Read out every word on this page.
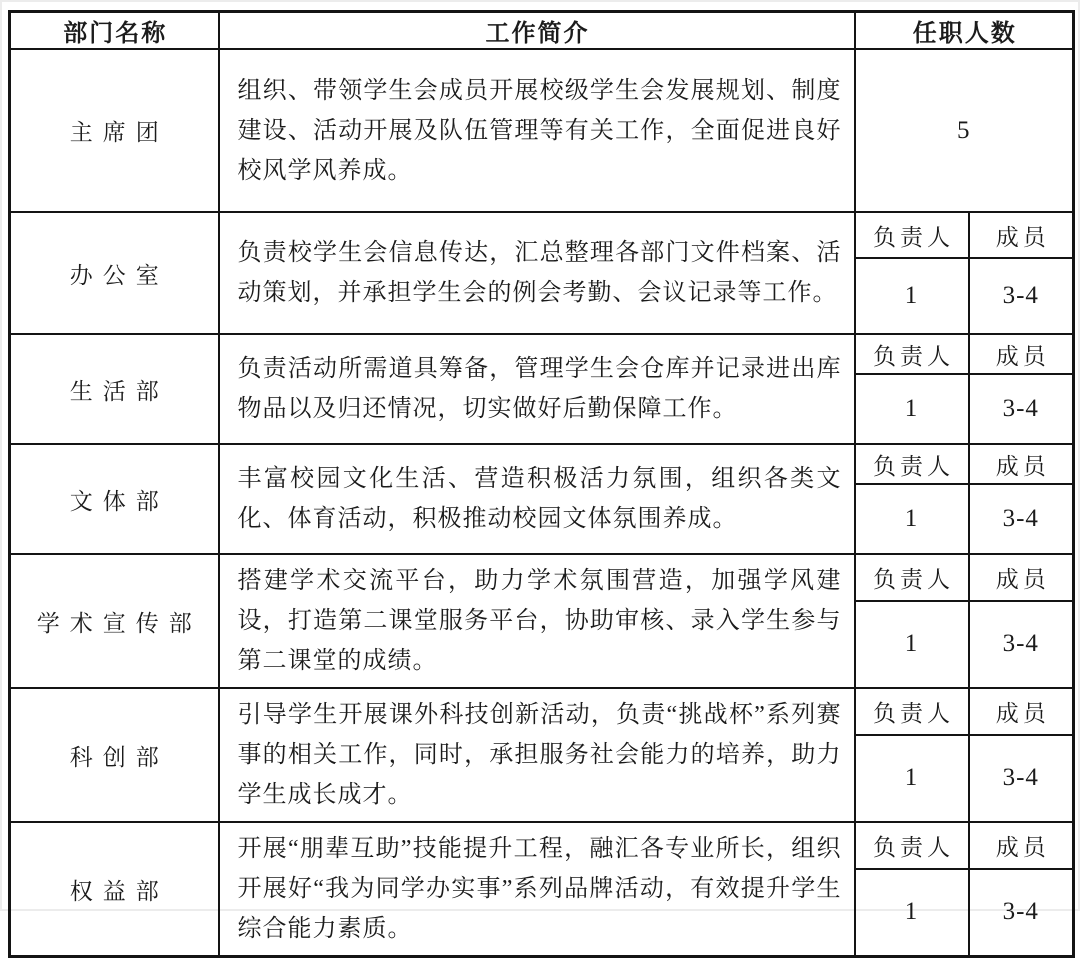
部门名称	工作简介	任职人数	
主席团	组织、带领学生会成员开展校级学生会发展规划、制度建设、活动开展及队伍管理等有关工作，全面促进良好校风学风养成。	5	
办公室	负责校学生会信息传达，汇总整理各部门文件档案、活动策划，并承担学生会的例会考勤、会议记录等工作。	负责人	成员
		1	3-4
生活部	负责活动所需道具筹备，管理学生会仓库并记录进出库物品以及归还情况，切实做好后勤保障工作。	负责人	成员
		1	3-4
文体部	丰富校园文化生活、营造积极活力氛围，组织各类文化、体育活动，积极推动校园文体氛围养成。	负责人	成员
		1	3-4
学术宣传部	搭建学术交流平台，助力学术氛围营造，加强学风建设，打造第二课堂服务平台，协助审核、录入学生参与第二课堂的成绩。	负责人	成员
		1	3-4
科创部	引导学生开展课外科技创新活动，负责“挑战杯”系列赛事的相关工作，同时，承担服务社会能力的培养，助力学生成长成才。	负责人	成员
		1	3-4
权益部	开展“朋辈互助”技能提升工程，融汇各专业所长，组织开展好“我为同学办实事”系列品牌活动，有效提升学生综合能力素质。	负责人	成员
		1	3-4
